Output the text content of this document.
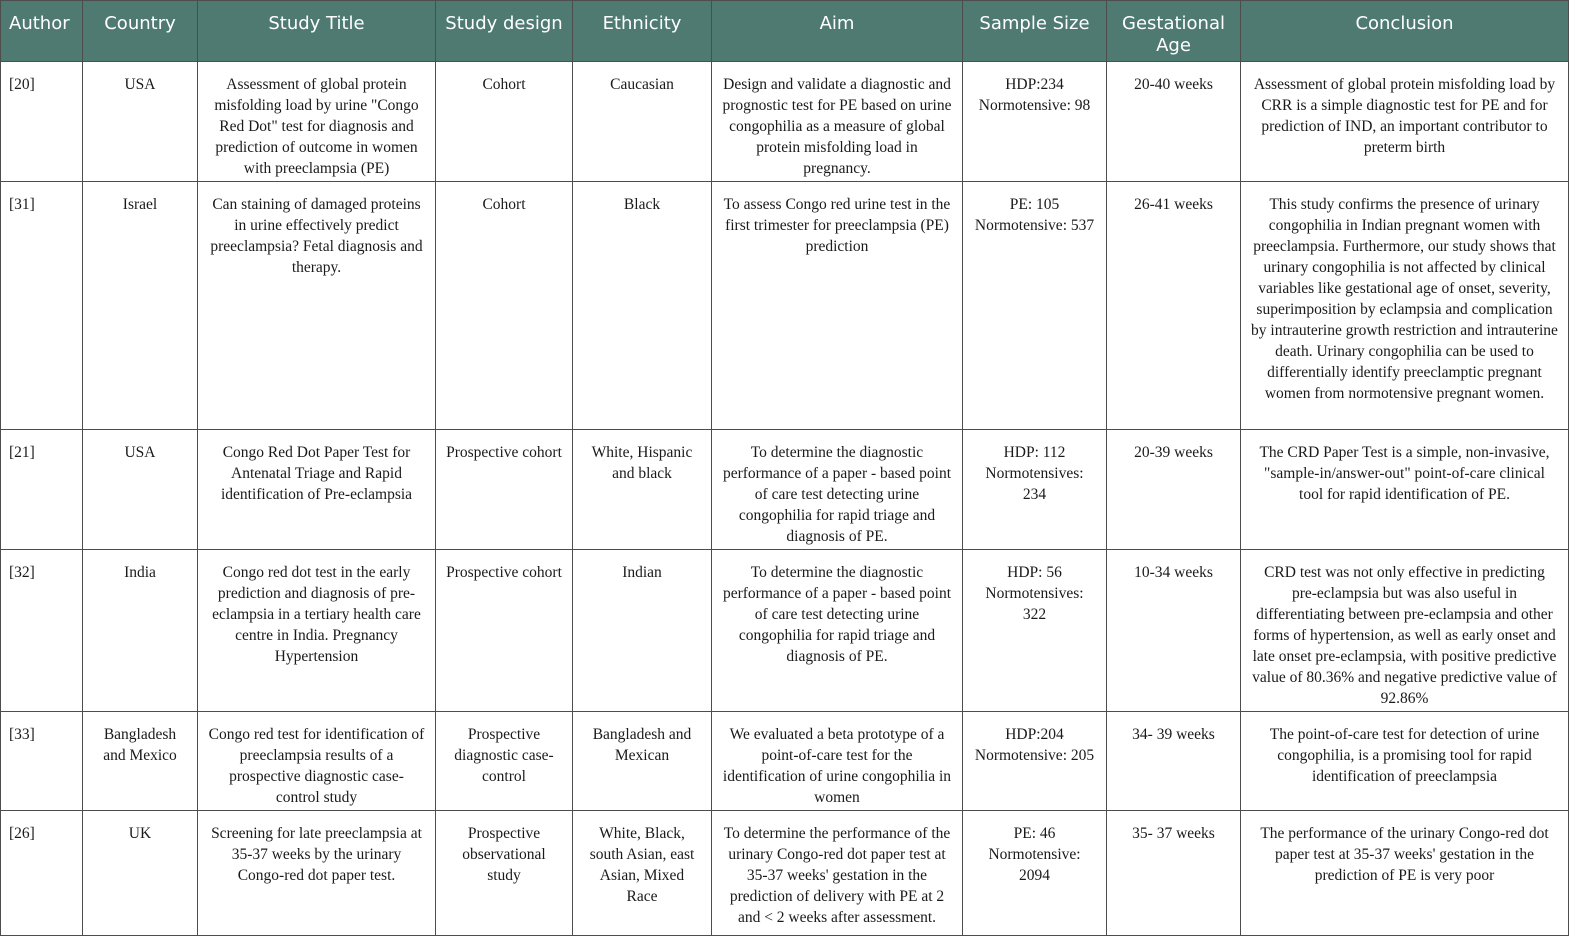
Author	Country	Study Title	Study design	Ethnicity	Aim	Sample Size	Gestational Age	Conclusion
[20]	USA	Assessment of global protein misfolding load by urine "Congo Red Dot" test for diagnosis and prediction of outcome in women with preeclampsia (PE)	Cohort	Caucasian	Design and validate a diagnostic and prognostic test for PE based on urine congophilia as a measure of global protein misfolding load in pregnancy.	HDP:234 Normotensive: 98	20-40 weeks	Assessment of global protein misfolding load by CRR is a simple diagnostic test for PE and for prediction of IND, an important contributor to preterm birth
[31]	Israel	Can staining of damaged proteins in urine effectively predict preeclampsia? Fetal diagnosis and therapy.	Cohort	Black	To assess Congo red urine test in the first trimester for preeclampsia (PE) prediction	PE: 105 Normotensive: 537	26-41 weeks	This study confirms the presence of urinary congophilia in Indian pregnant women with preeclampsia. Furthermore, our study shows that urinary congophilia is not affected by clinical variables like gestational age of onset, severity, superimposition by eclampsia and complication by intrauterine growth restriction and intrauterine death. Urinary congophilia can be used to differentially identify preeclamptic pregnant women from normotensive pregnant women.
[21]	USA	Congo Red Dot Paper Test for Antenatal Triage and Rapid identification of Pre-eclampsia	Prospective cohort	White, Hispanic and black	To determine the diagnostic performance of a paper - based point of care test detecting urine congophilia for rapid triage and diagnosis of PE.	HDP: 112 Normotensives: 234	20-39 weeks	The CRD Paper Test is a simple, non-invasive, "sample-in/answer-out" point-of-care clinical tool for rapid identification of PE.
[32]	India	Congo red dot test in the early prediction and diagnosis of pre-eclampsia in a tertiary health care centre in India. Pregnancy Hypertension	Prospective cohort	Indian	To determine the diagnostic performance of a paper - based point of care test detecting urine congophilia for rapid triage and diagnosis of PE.	HDP: 56 Normotensives: 322	10-34 weeks	CRD test was not only effective in predicting pre-eclampsia but was also useful in differentiating between pre-eclampsia and other forms of hypertension, as well as early onset and late onset pre-eclampsia, with positive predictive value of 80.36% and negative predictive value of 92.86%
[33]	Bangladesh and Mexico	Congo red test for identification of preeclampsia results of a prospective diagnostic case-control study	Prospective diagnostic case-control	Bangladesh and Mexican	We evaluated a beta prototype of a point-of-care test for the identification of urine congophilia in women	HDP:204 Normotensive: 205	34- 39 weeks	The point-of-care test for detection of urine congophilia, is a promising tool for rapid identification of preeclampsia
[26]	UK	Screening for late preeclampsia at 35-37 weeks by the urinary Congo-red dot paper test.	Prospective observational study	White, Black, south Asian, east Asian, Mixed Race	To determine the performance of the urinary Congo-red dot paper test at 35-37 weeks' gestation in the prediction of delivery with PE at 2 and < 2 weeks after assessment.	PE: 46 Normotensive: 2094	35- 37 weeks	The performance of the urinary Congo-red dot paper test at 35-37 weeks' gestation in the prediction of PE is very poor
